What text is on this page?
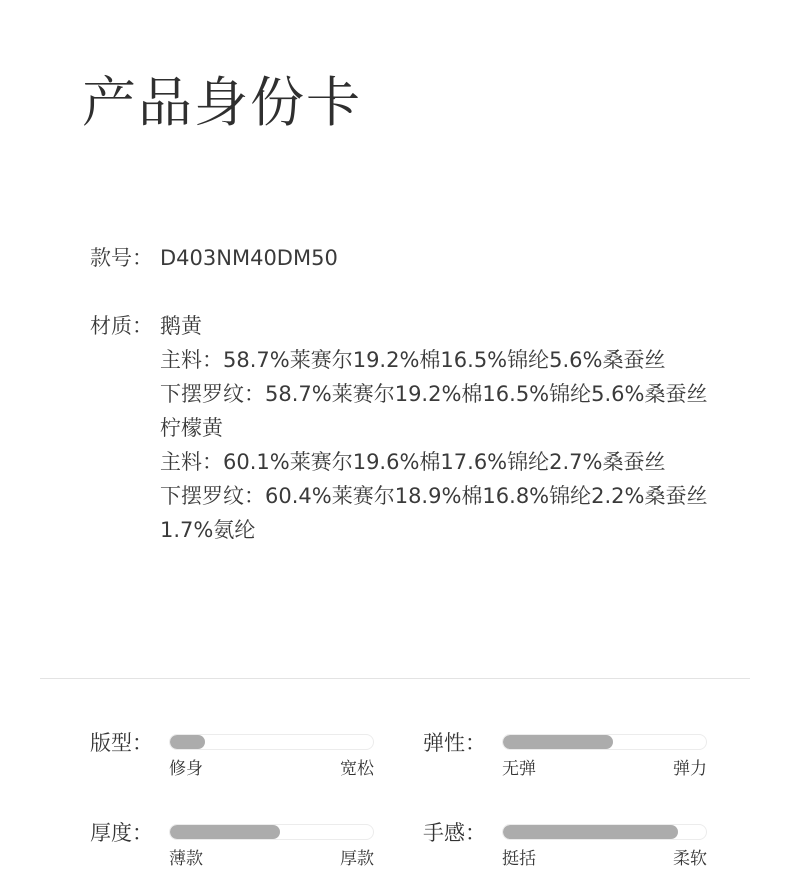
产品身份卡
款号： D403NM40DM50
材质： 鹅黄
主料：58.7%莱赛尔19.2%棉16.5%锦纶5.6%桑蚕丝
下摆罗纹：58.7%莱赛尔19.2%棉16.5%锦纶5.6%桑蚕丝
柠檬黄
主料：60.1%莱赛尔19.6%棉17.6%锦纶2.7%桑蚕丝
下摆罗纹：60.4%莱赛尔18.9%棉16.8%锦纶2.2%桑蚕丝
1.7%氨纶
版型：
修身	宽松
弹性：
无弹	弹力
厚度：
薄款	厚款
手感：
挺括	柔软
